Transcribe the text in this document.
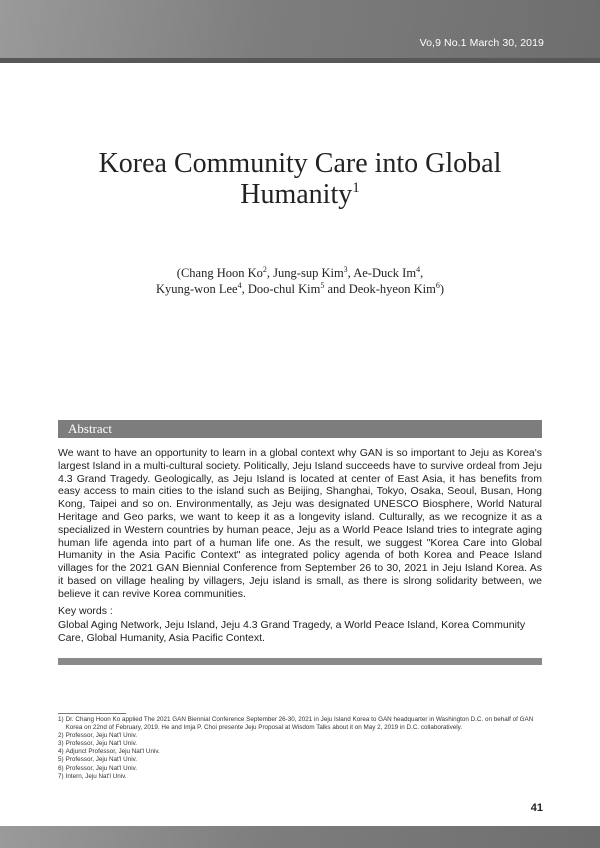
Vo,9 No.1 March 30, 2019
Korea Community Care into Global
Humanity$^1$
(Chang Hoon Ko$^2$, Jung-sup Kim$^3$, Ae-Duck Im$^4$,
Kyung-won Lee$^4$, Doo-chul Kim$^5$ and Deok-hyeon Kim$^6$)
Abstract
We want to have an opportunity to learn in a global context why GAN is so important to Jeju as Korea's largest Island in a multi-cultural society. Politically, Jeju Island succeeds have to survive ordeal from Jeju 4.3 Grand Tragedy. Geologically, as Jeju Island is located at center of East Asia, it has benefits from easy access to main cities to the island such as Beijing, Shanghai, Tokyo, Osaka, Seoul, Busan, Hong Kong, Taipei and so on. Environmentally, as Jeju was designated UNESCO Biosphere, World Natural Heritage and Geo parks, we want to keep it as a longevity island. Culturally, as we recognize it as a specialized in Western countries by human peace, Jeju as a World Peace Island tries to integrate aging human life agenda into part of a human life one. As the result, we suggest "Korea Care into Global Humanity in the Asia Pacific Context" as integrated policy agenda of both Korea and Peace Island villages for the 2021 GAN Biennial Conference from September 26 to 30, 2021 in Jeju Island Korea. As it based on village healing by villagers, Jeju island is small, as there is slrong solidarity between, we believe it can revive Korea communities.
Key words :
Global Aging Network, Jeju Island, Jeju 4.3 Grand Tragedy, a World Peace Island, Korea Community Care, Global Humanity, Asia Pacific Context.
1) Dr. Chang Hoon Ko applied The 2021 GAN Biennial Conference September 26-30, 2021 in Jeju Island Korea to GAN headquarter in Washington D.C. on behalf of GAN Korea on 22nd of February, 2019. He and Imja P. Choi presente Jeju Proposal at Wisdom Talks about it on May 2, 2019 in D.C. collaboratively.
2) Professor, Jeju Nat'l Univ.
3) Professor, Jeju Nat'l Univ.
4) Adjunct Professor, Jeju Nat'l Univ.
5) Professor, Jeju Nat'l Univ.
6) Professor, Jeju Nat'l Univ.
7) Intern, Jeju Nat'l Univ.
41
